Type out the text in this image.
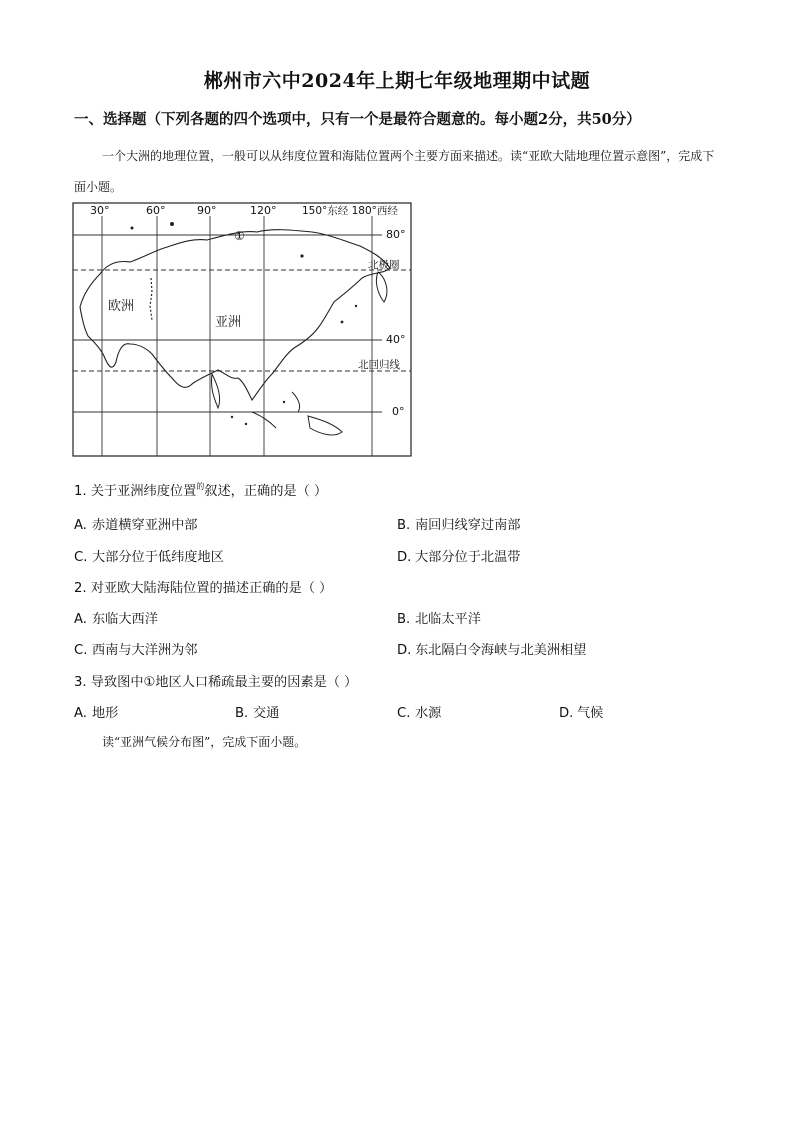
郴州市六中2024年上期七年级地理期中试题
一、选择题（下列各题的四个选项中，只有一个是最符合题意的。每小题2分，共50分）
一个大洲的地理位置，一般可以从纬度位置和海陆位置两个主要方面来描述。读“亚欧大陆地理位置示意图”，完成下面小题。
30°	60°	90°	120° 150°东经 180°西经
80°
北极圈
40°
北回归线
0°
欧洲
亚洲
①
1. 关于亚洲纬度位置$^的$叙述，正确的是（ ）
A. 赤道横穿亚洲中部	B. 南回归线穿过南部
C. 大部分位于低纬度地区	D. 大部分位于北温带
2. 对亚欧大陆海陆位置的描述正确的是（ ）
A. 东临大西洋	B. 北临太平洋
C. 西南与大洋洲为邻	D. 东北隔白令海峡与北美洲相望
3. 导致图中①地区人口稀疏最主要的因素是（ ）
A. 地形	B. 交通	C. 水源	D. 气候
读“亚洲气候分布图”，完成下面小题。
